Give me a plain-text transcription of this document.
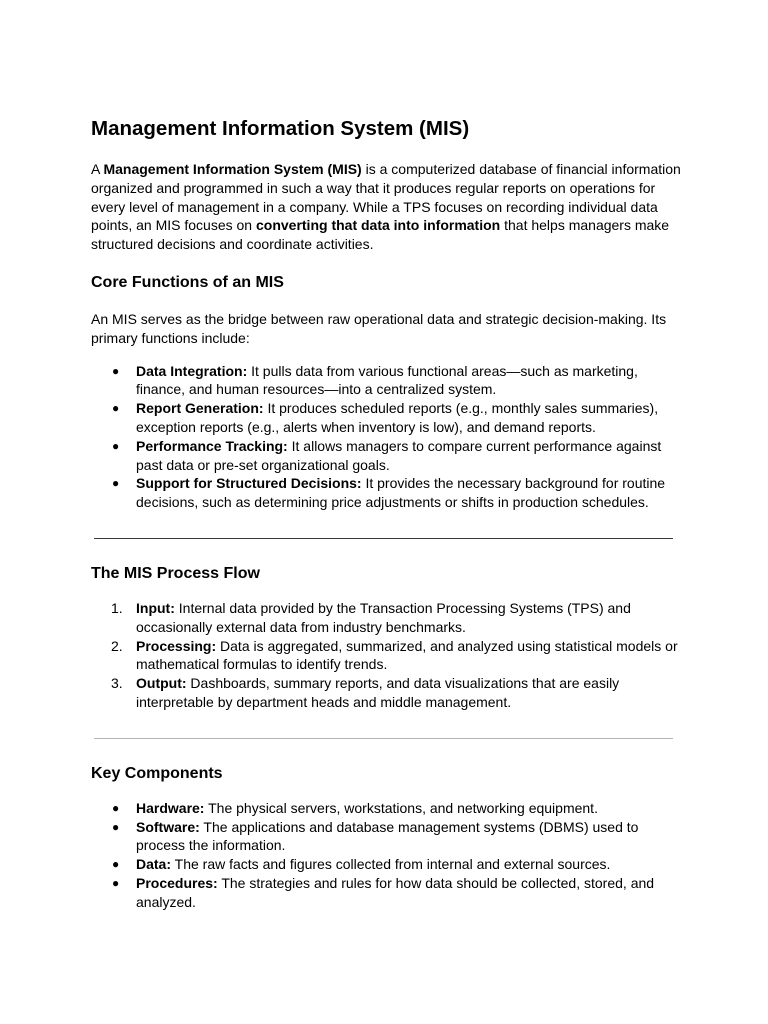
Management Information System (MIS)

A Management Information System (MIS) is a computerized database of financial information organized and programmed in such a way that it produces regular reports on operations for every level of management in a company. While a TPS focuses on recording individual data points, an MIS focuses on converting that data into information that helps managers make structured decisions and coordinate activities.

Core Functions of an MIS

An MIS serves as the bridge between raw operational data and strategic decision-making. Its primary functions include:

● Data Integration: It pulls data from various functional areas—such as marketing, finance, and human resources—into a centralized system.
● Report Generation: It produces scheduled reports (e.g., monthly sales summaries), exception reports (e.g., alerts when inventory is low), and demand reports.
● Performance Tracking: It allows managers to compare current performance against past data or pre-set organizational goals.
● Support for Structured Decisions: It provides the necessary background for routine decisions, such as determining price adjustments or shifts in production schedules.
The MIS Process Flow
1. Input: Internal data provided by the Transaction Processing Systems (TPS) and occasionally external data from industry benchmarks.
2. Processing: Data is aggregated, summarized, and analyzed using statistical models or mathematical formulas to identify trends.
3. Output: Dashboards, summary reports, and data visualizations that are easily interpretable by department heads and middle management.
Key Components
● Hardware: The physical servers, workstations, and networking equipment.
● Software: The applications and database management systems (DBMS) used to process the information.
● Data: The raw facts and figures collected from internal and external sources.
● Procedures: The strategies and rules for how data should be collected, stored, and analyzed.
